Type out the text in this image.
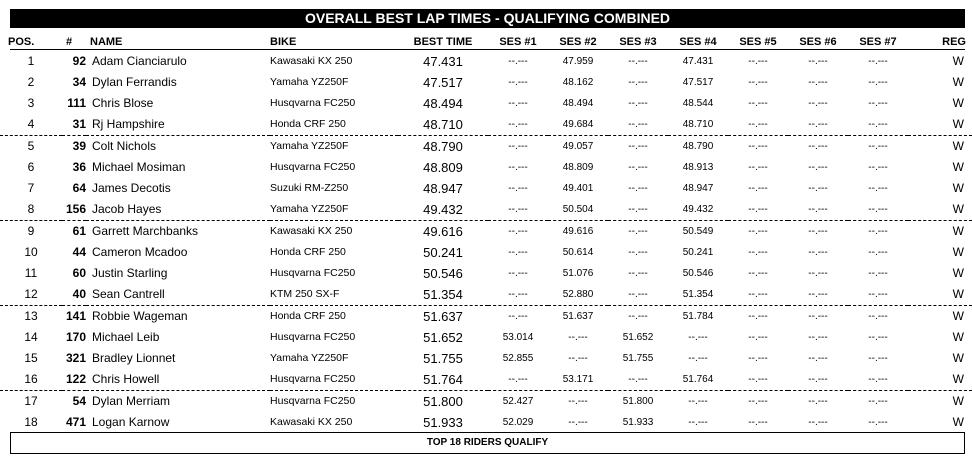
OVERALL BEST LAP TIMES - QUALIFYING COMBINED
POS.	#	NAME	BIKE	BEST TIME	SES #1	SES #2	SES #3	SES #4	SES #5	SES #6	SES #7	REG
1	92	Adam Cianciarulo	Kawasaki KX 250	47.431	--.---	47.959	--.---	47.431	--.---	--.---	--.---	W
2	34	Dylan Ferrandis	Yamaha YZ250F	47.517	--.---	48.162	--.---	47.517	--.---	--.---	--.---	W
3	111	Chris Blose	Husqvarna FC250	48.494	--.---	48.494	--.---	48.544	--.---	--.---	--.---	W
4	31	Rj Hampshire	Honda CRF 250	48.710	--.---	49.684	--.---	48.710	--.---	--.---	--.---	W
5	39	Colt Nichols	Yamaha YZ250F	48.790	--.---	49.057	--.---	48.790	--.---	--.---	--.---	W
6	36	Michael Mosiman	Husqvarna FC250	48.809	--.---	48.809	--.---	48.913	--.---	--.---	--.---	W
7	64	James Decotis	Suzuki RM-Z250	48.947	--.---	49.401	--.---	48.947	--.---	--.---	--.---	W
8	156	Jacob Hayes	Yamaha YZ250F	49.432	--.---	50.504	--.---	49.432	--.---	--.---	--.---	W
9	61	Garrett Marchbanks	Kawasaki KX 250	49.616	--.---	49.616	--.---	50.549	--.---	--.---	--.---	W
10	44	Cameron Mcadoo	Honda CRF 250	50.241	--.---	50.614	--.---	50.241	--.---	--.---	--.---	W
11	60	Justin Starling	Husqvarna FC250	50.546	--.---	51.076	--.---	50.546	--.---	--.---	--.---	W
12	40	Sean Cantrell	KTM 250 SX-F	51.354	--.---	52.880	--.---	51.354	--.---	--.---	--.---	W
13	141	Robbie Wageman	Honda CRF 250	51.637	--.---	51.637	--.---	51.784	--.---	--.---	--.---	W
14	170	Michael Leib	Husqvarna FC250	51.652	53.014	--.---	51.652	--.---	--.---	--.---	--.---	W
15	321	Bradley Lionnet	Yamaha YZ250F	51.755	52.855	--.---	51.755	--.---	--.---	--.---	--.---	W
16	122	Chris Howell	Husqvarna FC250	51.764	--.---	53.171	--.---	51.764	--.---	--.---	--.---	W
17	54	Dylan Merriam	Husqvarna FC250	51.800	52.427	--.---	51.800	--.---	--.---	--.---	--.---	W
18	471	Logan Karnow	Kawasaki KX 250	51.933	52.029	--.---	51.933	--.---	--.---	--.---	--.---	W
TOP 18 RIDERS QUALIFY
